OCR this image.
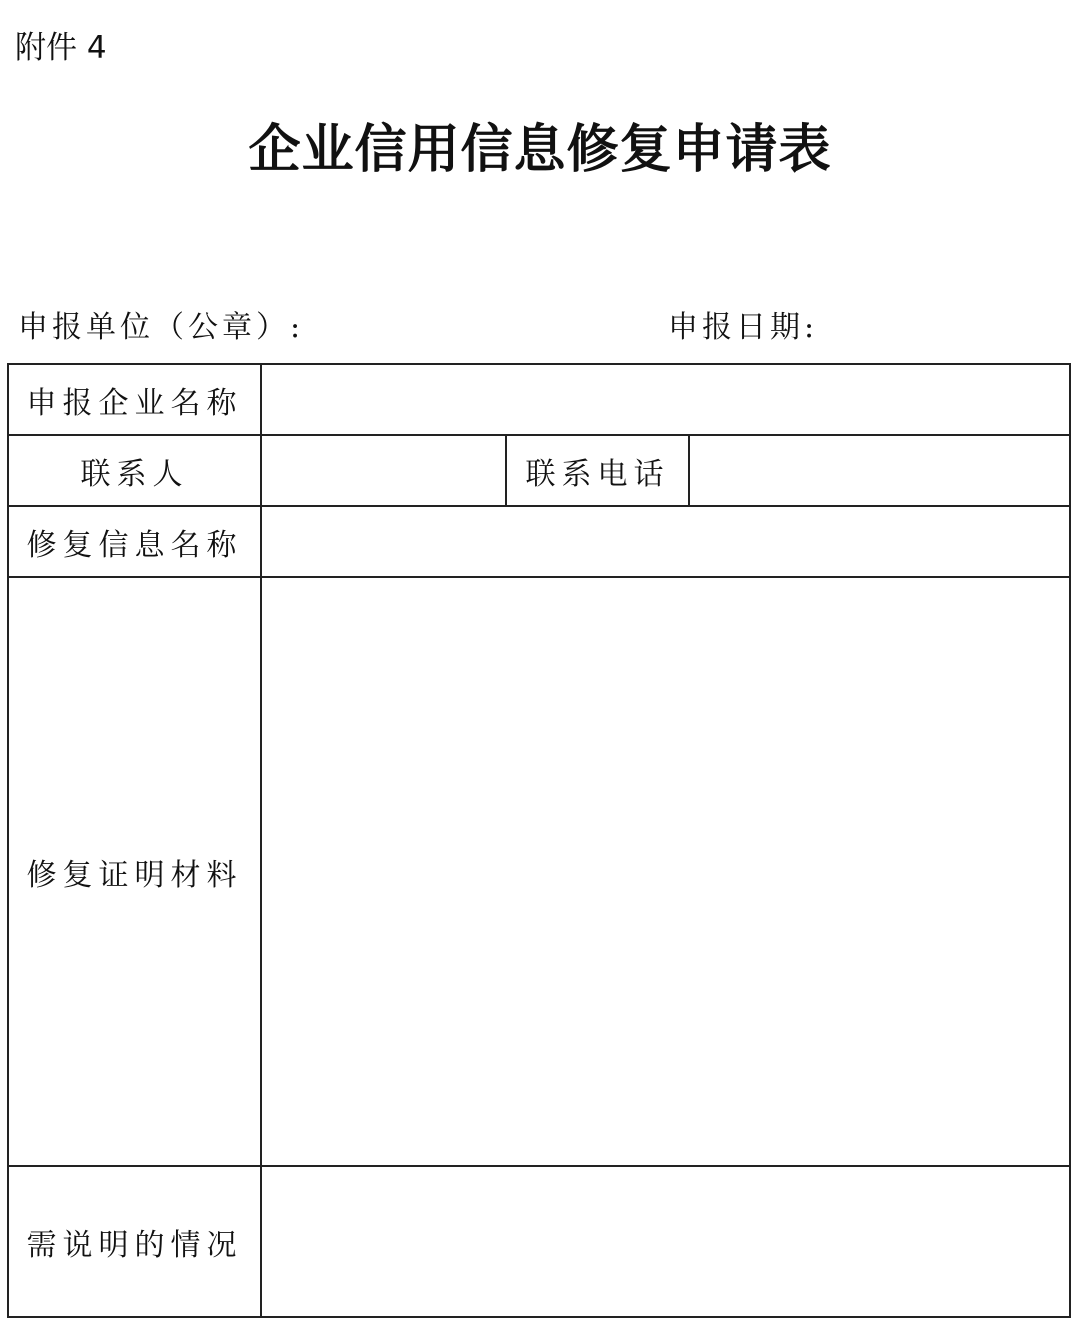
附件 4
企业信用信息修复申请表
申报单位（公章）:	申报日期:
申报企业名称
联系人	联系电话
修复信息名称
修复证明材料
需说明的情况
